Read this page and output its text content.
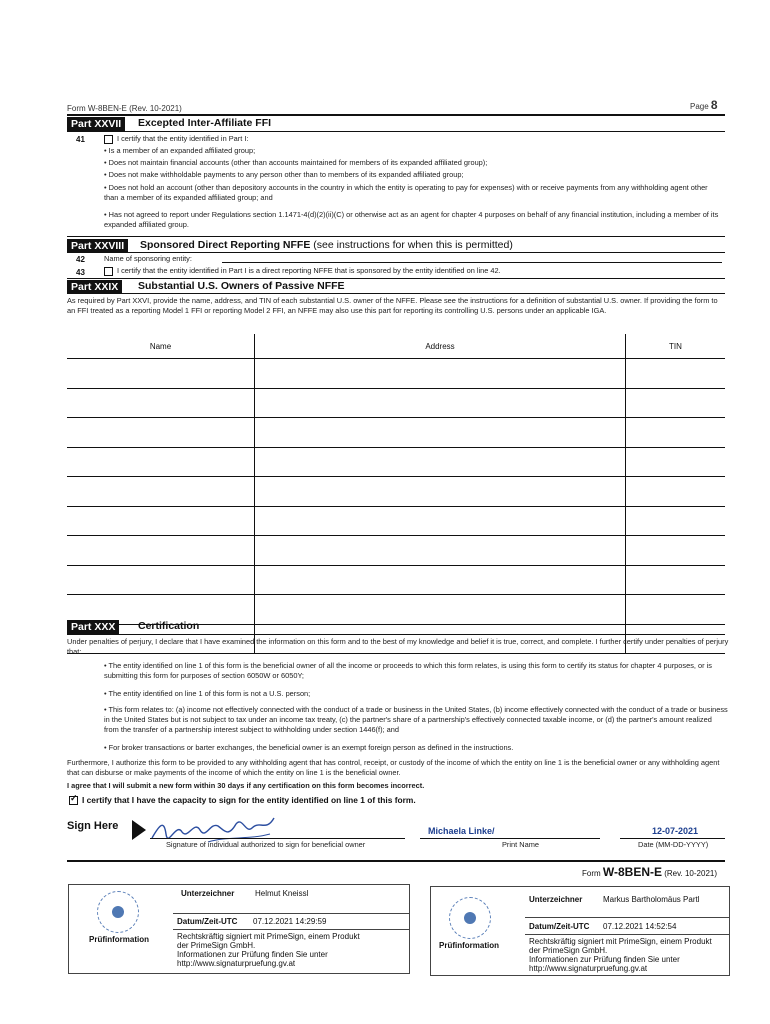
Form W-8BEN-E (Rev. 10-2021)	Page 8
Part XXVII	Excepted Inter-Affiliate FFI
41	I certify that the entity identified in Part I:
• Is a member of an expanded affiliated group;
• Does not maintain financial accounts (other than accounts maintained for members of its expanded affiliated group);
• Does not make withholdable payments to any person other than to members of its expanded affiliated group;
• Does not hold an account (other than depository accounts in the country in which the entity is operating to pay for expenses) with or receive payments from any withholding agent other than a member of its expanded affiliated group; and
• Has not agreed to report under Regulations section 1.1471-4(d)(2)(ii)(C) or otherwise act as an agent for chapter 4 purposes on behalf of any financial institution, including a member of its expanded affiliated group.
Part XXVIII	Sponsored Direct Reporting NFFE (see instructions for when this is permitted)
42	Name of sponsoring entity:
43	I certify that the entity identified in Part I is a direct reporting NFFE that is sponsored by the entity identified on line 42.
Part XXIX	Substantial U.S. Owners of Passive NFFE
As required by Part XXVI, provide the name, address, and TIN of each substantial U.S. owner of the NFFE. Please see the instructions for a definition of substantial U.S. owner. If providing the form to an FFI treated as a reporting Model 1 FFI or reporting Model 2 FFI, an NFFE may also use this part for reporting its controlling U.S. persons under an applicable IGA.
Name	Address	TIN

Part XXX	Certification
Under penalties of perjury, I declare that I have examined the information on this form and to the best of my knowledge and belief it is true, correct, and complete. I further certify under penalties of perjury that:
• The entity identified on line 1 of this form is the beneficial owner of all the income or proceeds to which this form relates, is using this form to certify its status for chapter 4 purposes, or is submitting this form for purposes of section 6050W or 6050Y;
• The entity identified on line 1 of this form is not a U.S. person;
• This form relates to: (a) income not effectively connected with the conduct of a trade or business in the United States, (b) income effectively connected with the conduct of a trade or business in the United States but is not subject to tax under an income tax treaty, (c) the partner's share of a partnership's effectively connected taxable income, or (d) the partner's amount realized from the transfer of a partnership interest subject to withholding under section 1446(f); and
• For broker transactions or barter exchanges, the beneficial owner is an exempt foreign person as defined in the instructions.
Furthermore, I authorize this form to be provided to any withholding agent that has control, receipt, or custody of the income of which the entity on line 1 is the beneficial owner or any withholding agent that can disburse or make payments of the income of which the entity on line 1 is the beneficial owner.
I agree that I will submit a new form within 30 days if any certification on this form becomes incorrect.
✓ I certify that I have the capacity to sign for the entity identified on line 1 of this form.
Sign Here
Signature of individual authorized to sign for beneficial owner
Michaela Linke/
Print Name
12-07-2021
Date (MM-DD-YYYY)
Form W-8BEN-E (Rev. 10-2021)
Unterzeichner	Helmut Kneissl
Datum/Zeit-UTC 07.12.2021 14:29:59
Prüfinformation	Rechtskräftig signiert mit PrimeSign, einem Produkt
der PrimeSign GmbH.
Informationen zur Prüfung finden Sie unter
http://www.signaturpruefung.gv.at
Unterzeichner	Markus Bartholomäus Partl
Datum/Zeit-UTC 07.12.2021 14:52:54
Prüfinformation	Rechtskräftig signiert mit PrimeSign, einem Produkt
der PrimeSign GmbH.
Informationen zur Prüfung finden Sie unter
http://www.signaturpruefung.gv.at
